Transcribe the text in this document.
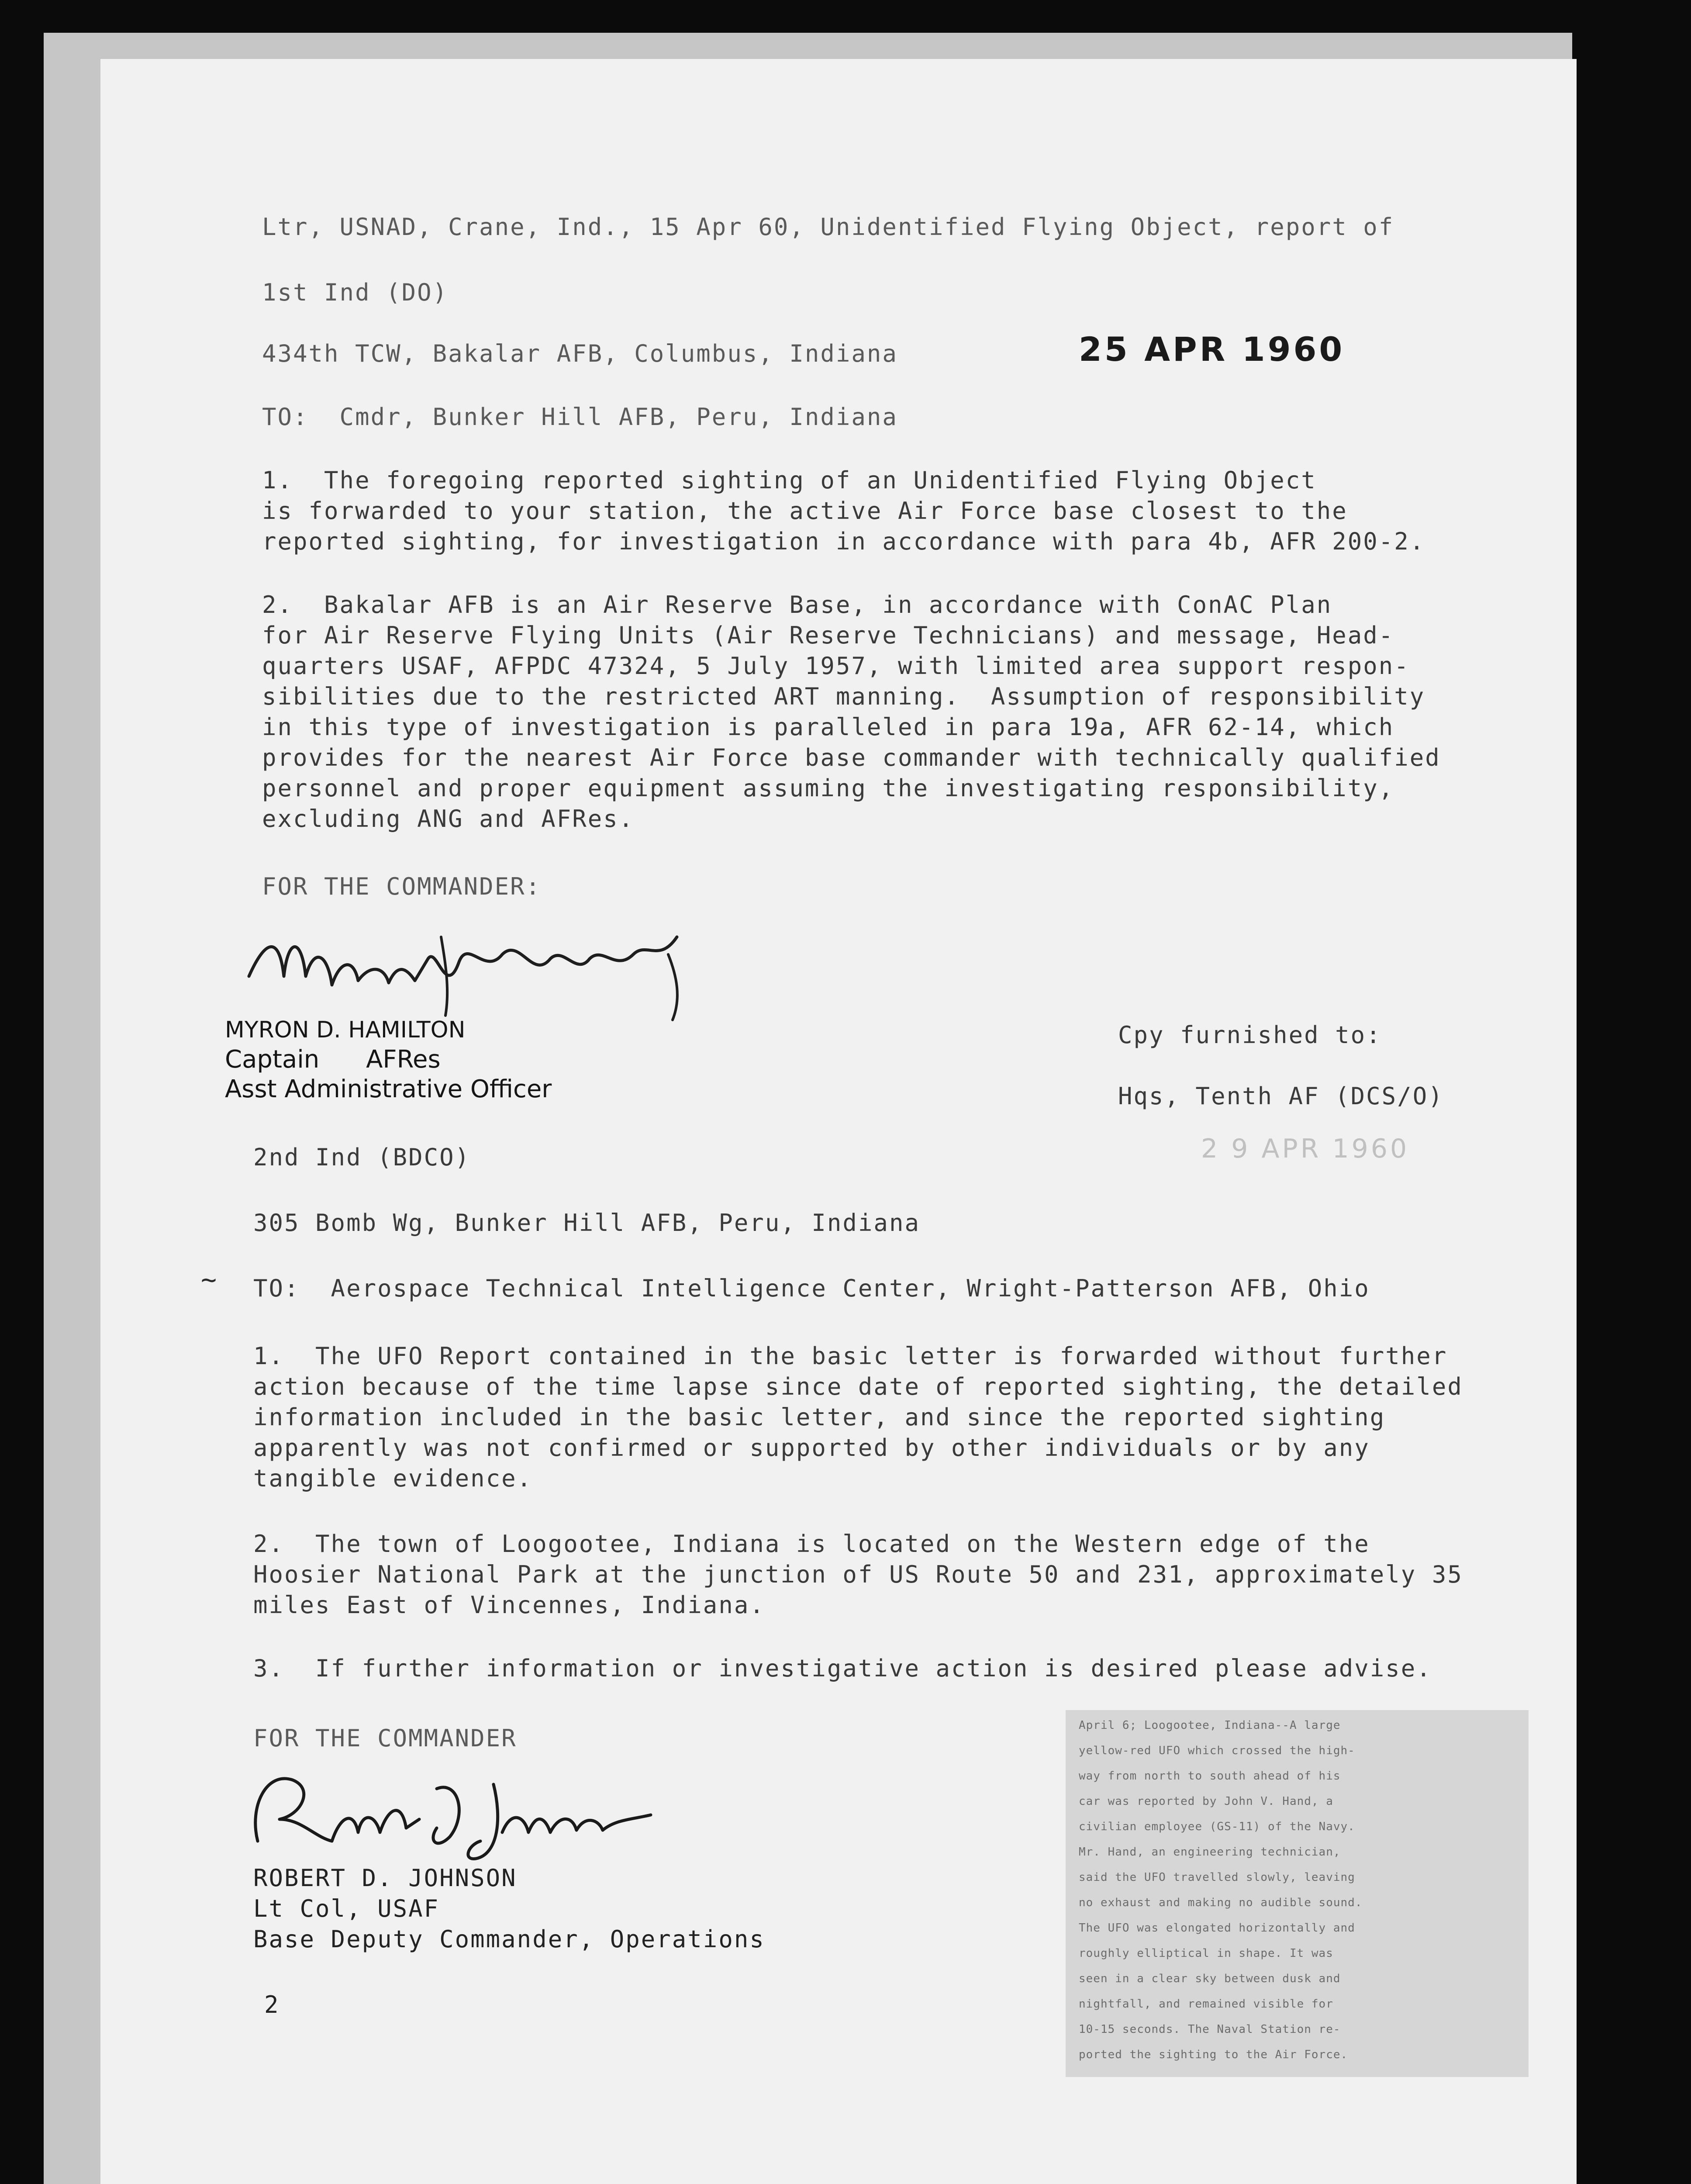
Ltr, USNAD, Crane, Ind., 15 Apr 60, Unidentified Flying Object, report of
1st Ind (DO)
434th TCW, Bakalar AFB, Columbus, Indiana	25 APR 1960
TO:  Cmdr, Bunker Hill AFB, Peru, Indiana
1.  The foregoing reported sighting of an Unidentified Flying Object
is forwarded to your station, the active Air Force base closest to the
reported sighting, for investigation in accordance with para 4b, AFR 200-2.
2.  Bakalar AFB is an Air Reserve Base, in accordance with ConAC Plan
for Air Reserve Flying Units (Air Reserve Technicians) and message, Head-
quarters USAF, AFPDC 47324, 5 July 1957, with limited area support respon-
sibilities due to the restricted ART manning.  Assumption of responsibility
in this type of investigation is paralleled in para 19a, AFR 62-14, which
provides for the nearest Air Force base commander with technically qualified
personnel and proper equipment assuming the investigating responsibility,
excluding ANG and AFRes.
FOR THE COMMANDER:
MYRON D. HAMILTON
Captain      AFRes
Asst Administrative Officer
Cpy furnished to:
Hqs, Tenth AF (DCS/O)
2 9 APR 1960
2nd Ind (BDCO)
305 Bomb Wg, Bunker Hill AFB, Peru, Indiana
~ TO:  Aerospace Technical Intelligence Center, Wright-Patterson AFB, Ohio
1.  The UFO Report contained in the basic letter is forwarded without further
action because of the time lapse since date of reported sighting, the detailed
information included in the basic letter, and since the reported sighting
apparently was not confirmed or supported by other individuals or by any
tangible evidence.
2.  The town of Loogootee, Indiana is located on the Western edge of the
Hoosier National Park at the junction of US Route 50 and 231, approximately 35
miles East of Vincennes, Indiana.
3.  If further information or investigative action is desired please advise.
FOR THE COMMANDER
ROBERT D. JOHNSON
Lt Col, USAF
Base Deputy Commander, Operations
2
April 6; Loogootee, Indiana--A large
yellow-red UFO which crossed the high-
way from north to south ahead of his
car was reported by John V. Hand, a
civilian employee (GS-11) of the Navy.
Mr. Hand, an engineering technician,
said the UFO travelled slowly, leaving
no exhaust and making no audible sound.
The UFO was elongated horizontally and
roughly elliptical in shape. It was
seen in a clear sky between dusk and
nightfall, and remained visible for
10-15 seconds. The Naval Station re-
ported the sighting to the Air Force.
